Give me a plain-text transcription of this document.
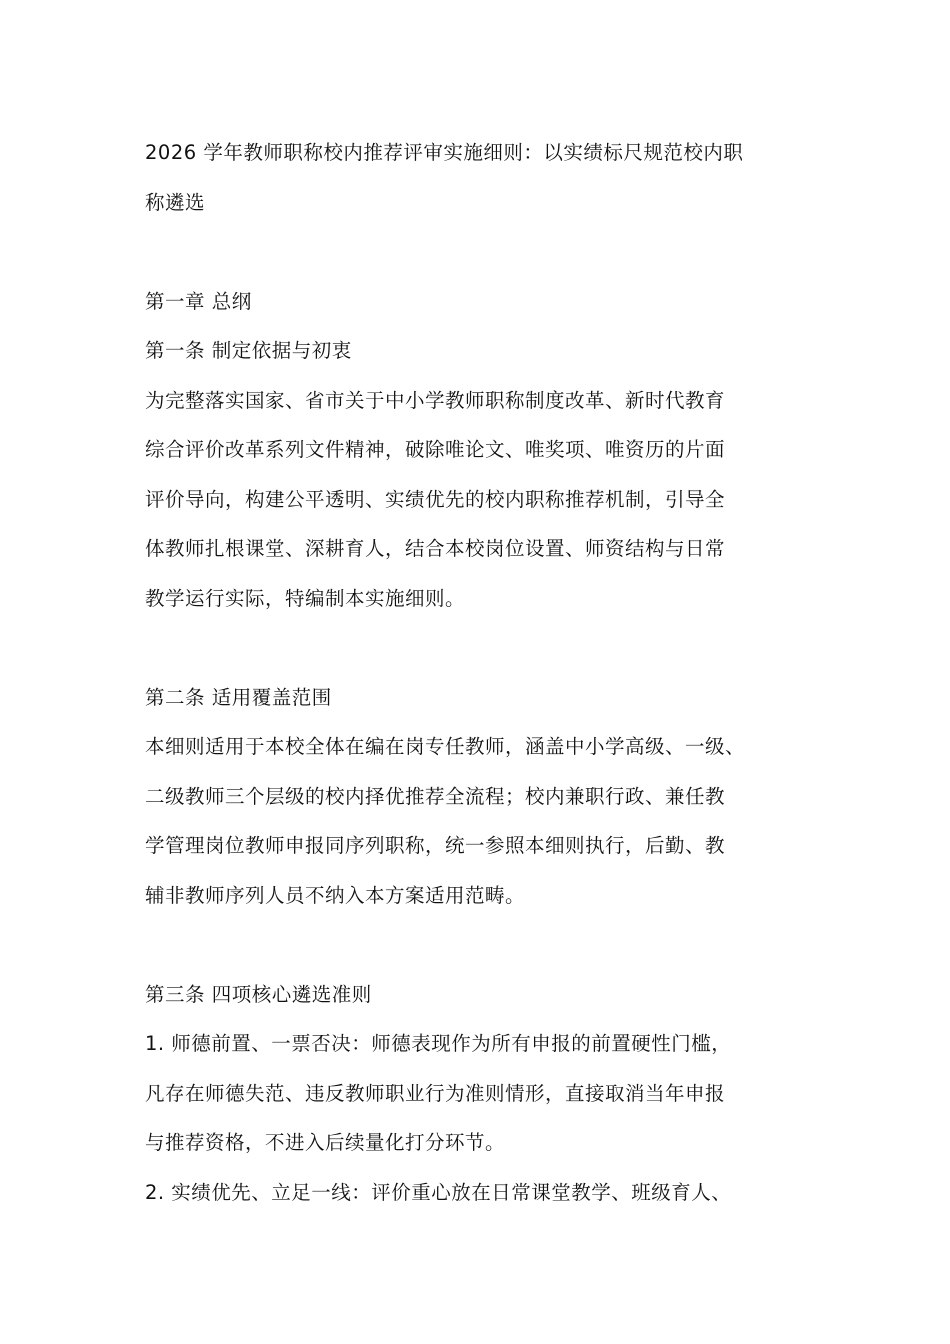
2026 学年教师职称校内推荐评审实施细则：以实绩标尺规范校内职
称遴选
第一章 总纲
第一条 制定依据与初衷
为完整落实国家、省市关于中小学教师职称制度改革、新时代教育
综合评价改革系列文件精神，破除唯论文、唯奖项、唯资历的片面
评价导向，构建公平透明、实绩优先的校内职称推荐机制，引导全
体教师扎根课堂、深耕育人，结合本校岗位设置、师资结构与日常
教学运行实际，特编制本实施细则。
第二条 适用覆盖范围
本细则适用于本校全体在编在岗专任教师，涵盖中小学高级、一级、
二级教师三个层级的校内择优推荐全流程；校内兼职行政、兼任教
学管理岗位教师申报同序列职称，统一参照本细则执行，后勤、教
辅非教师序列人员不纳入本方案适用范畴。
第三条 四项核心遴选准则
1. 师德前置、一票否决：师德表现作为所有申报的前置硬性门槛，
凡存在师德失范、违反教师职业行为准则情形，直接取消当年申报
与推荐资格，不进入后续量化打分环节。
2. 实绩优先、立足一线：评价重心放在日常课堂教学、班级育人、
